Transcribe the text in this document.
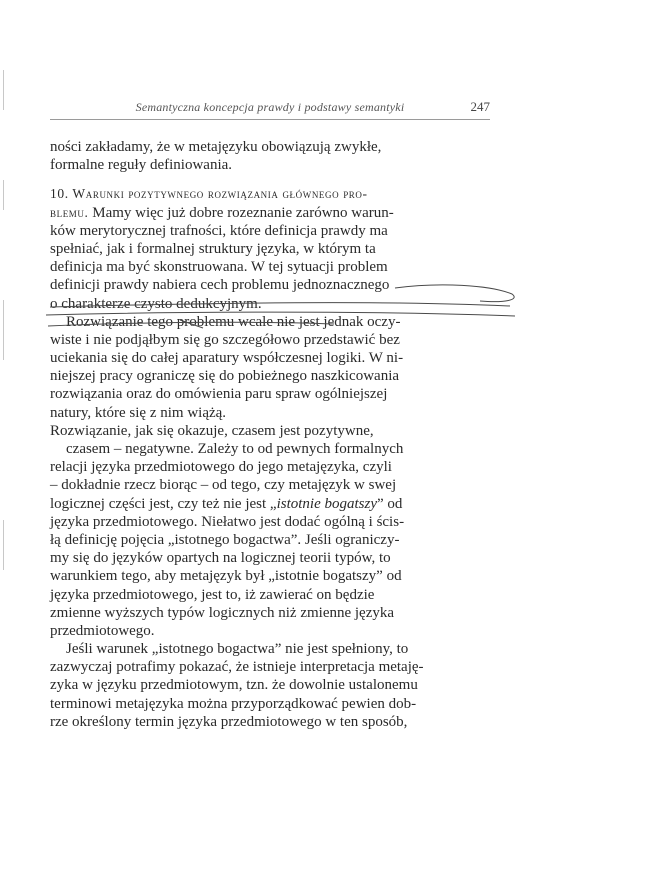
Semantyczna koncepcja prawdy i podstawy semantyki	247
ności zakładamy, że w metajęzyku obowiązują zwykłe,
formalne reguły definiowania.
10. Warunki pozytywnego rozwiązania głównego pro-
blemu. Mamy więc już dobre rozeznanie zarówno warun-
ków merytorycznej trafności, które definicja prawdy ma
spełniać, jak i formalnej struktury języka, w którym ta
definicja ma być skonstruowana. W tej sytuacji problem
definicji prawdy nabiera cech problemu jednoznacznego
o charakterze czysto dedukcyjnym.
Rozwiązanie tego problemu wcale nie jest jednak oczy-
wiste i nie podjąłbym się go szczegółowo przedstawić bez
uciekania się do całej aparatury współczesnej logiki. W ni-
niejszej pracy ograniczę się do pobieżnego naszkicowania
rozwiązania oraz do omówienia paru spraw ogólniejszej
natury, które się z nim wiążą.
Rozwiązanie, jak się okazuje, czasem jest pozytywne,
czasem – negatywne. Zależy to od pewnych formalnych
relacji języka przedmiotowego do jego metajęzyka, czyli
– dokładnie rzecz biorąc – od tego, czy metajęzyk w swej
logicznej części jest, czy też nie jest „istotnie bogatszy” od
języka przedmiotowego. Niełatwo jest dodać ogólną i ścis-
łą definicję pojęcia „istotnego bogactwa”. Jeśli ograniczy-
my się do języków opartych na logicznej teorii typów, to
warunkiem tego, aby metajęzyk był „istotnie bogatszy” od
języka przedmiotowego, jest to, iż zawierać on będzie
zmienne wyższych typów logicznych niż zmienne języka
przedmiotowego.
Jeśli warunek „istotnego bogactwa” nie jest spełniony, to
zazwyczaj potrafimy pokazać, że istnieje interpretacja metaję-
zyka w języku przedmiotowym, tzn. że dowolnie ustalonemu
terminowi metajęzyka można przyporządkować pewien dob-
rze określony termin języka przedmiotowego w ten sposób,
